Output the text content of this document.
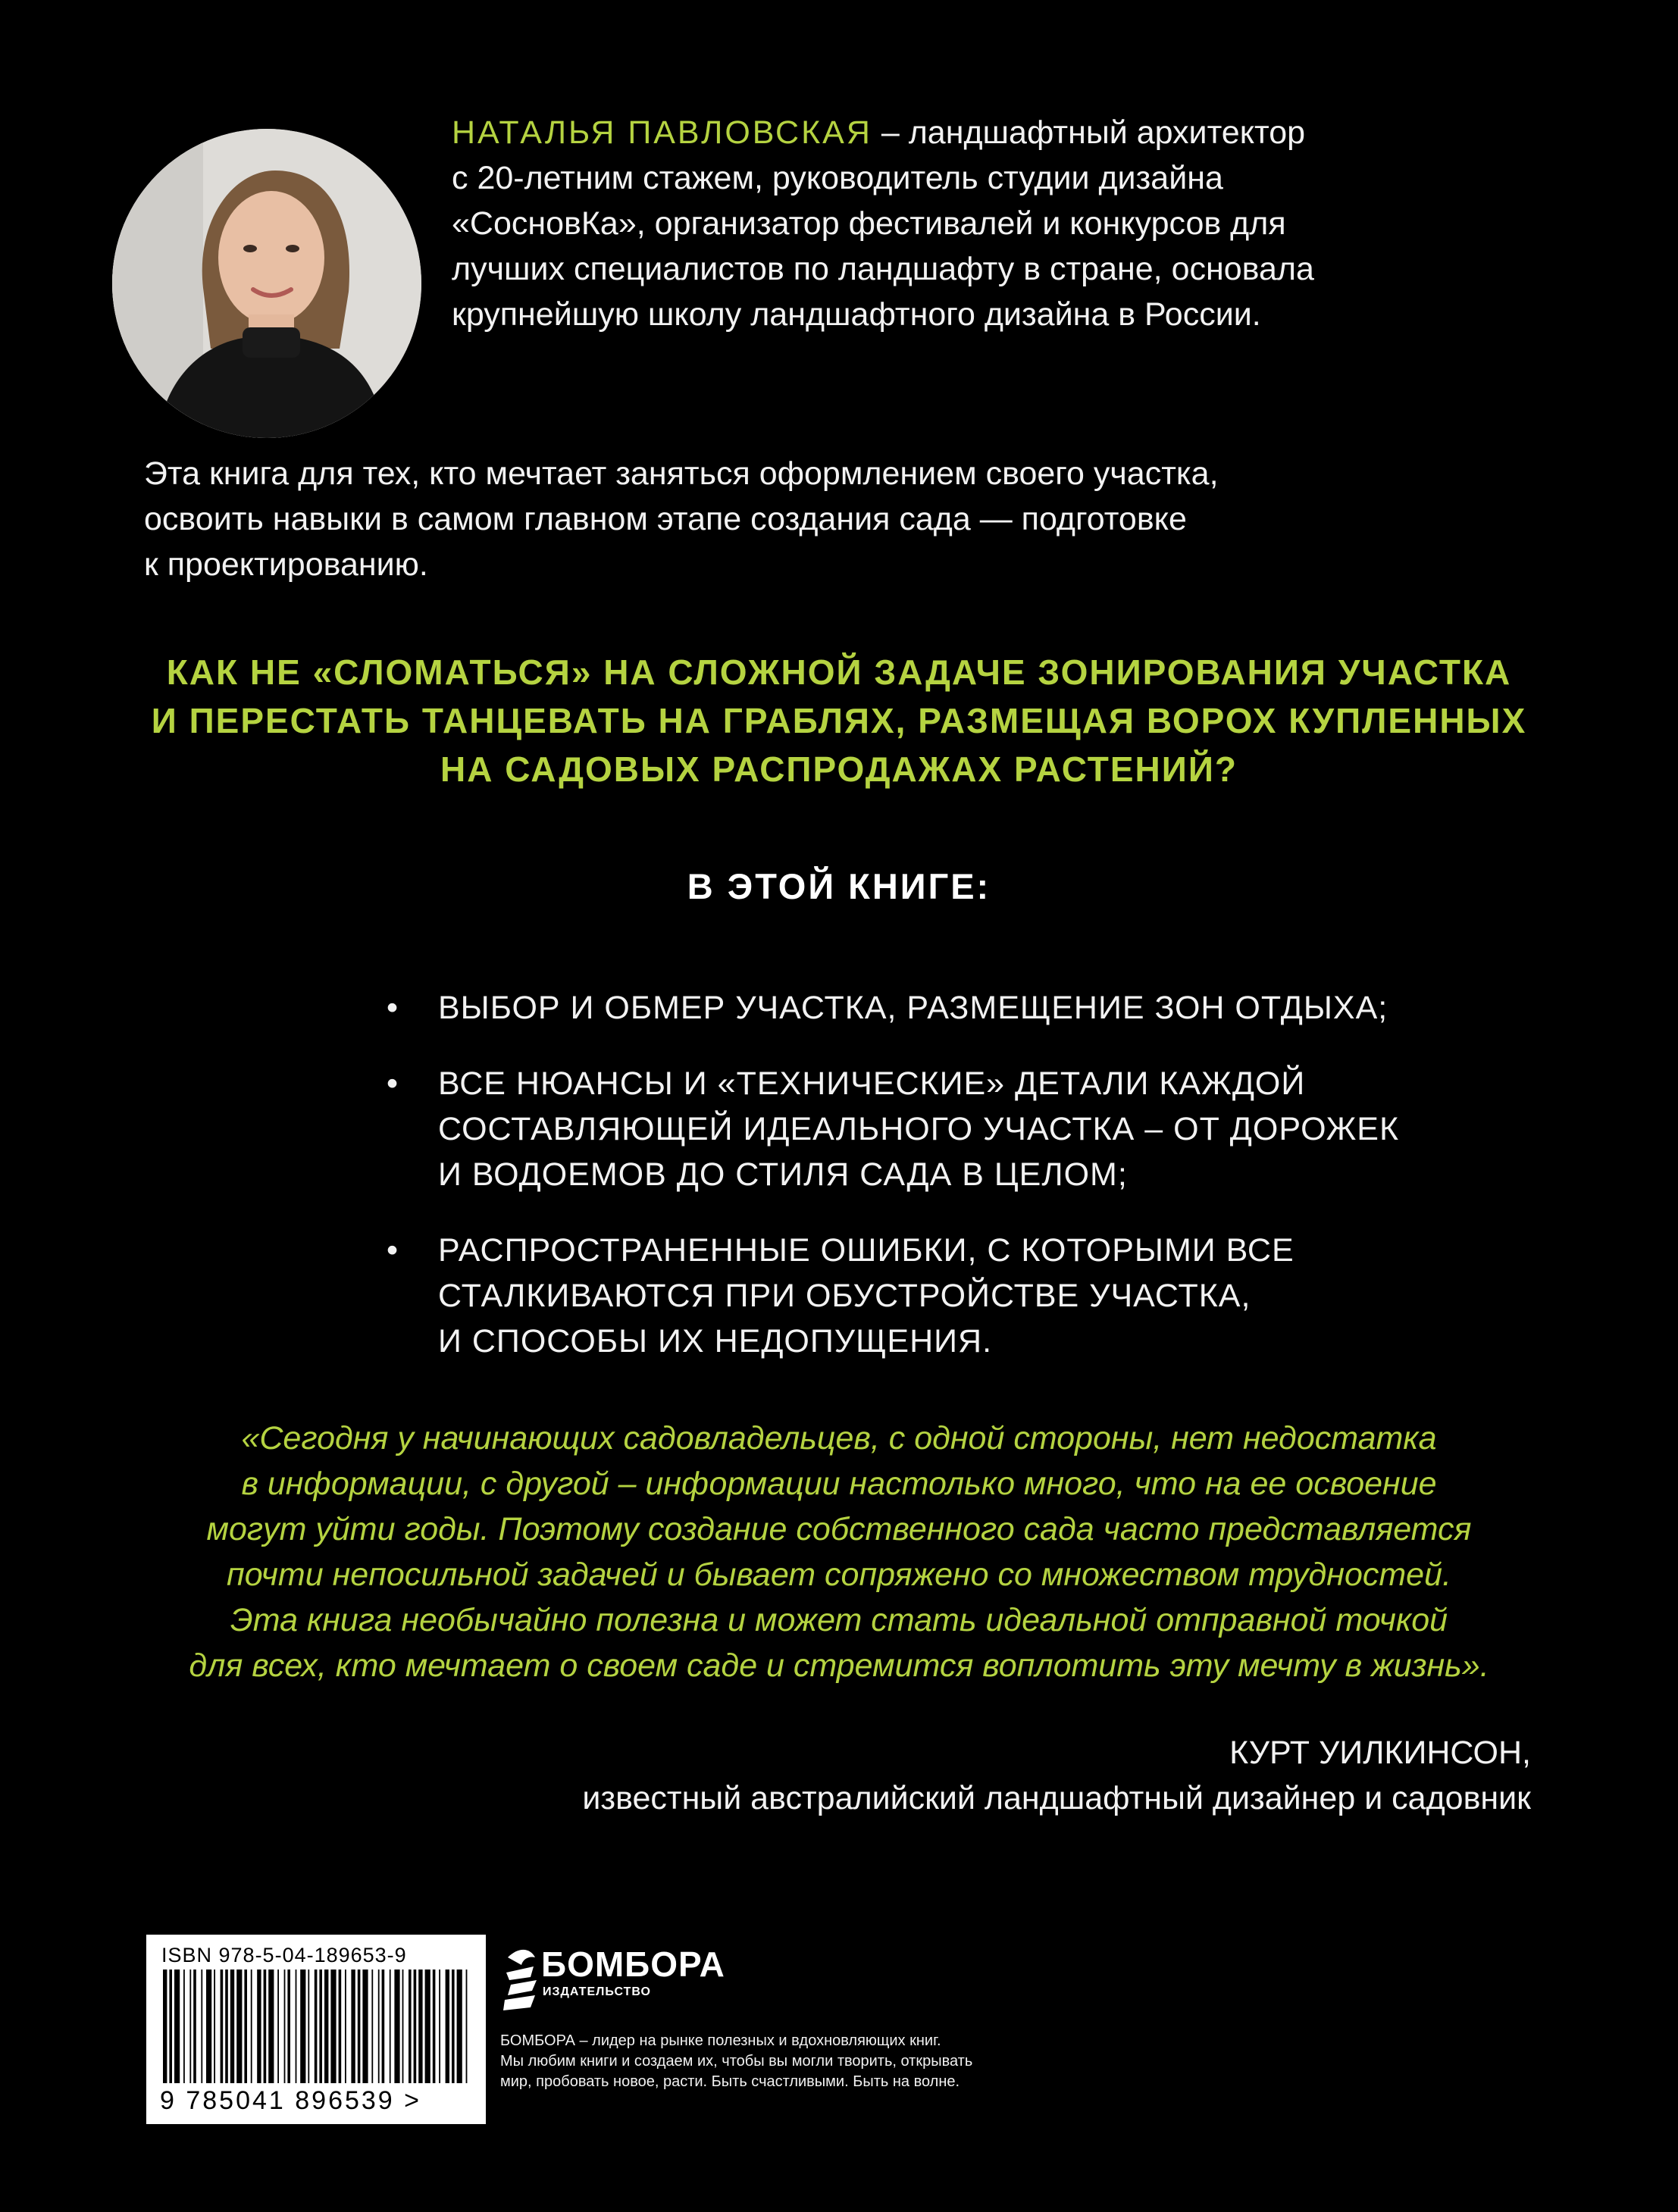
НАТАЛЬЯ ПАВЛОВСКАЯ – ландшафтный архитектор
с 20-летним стажем, руководитель студии дизайна
«СосновКа», организатор фестивалей и конкурсов для
лучших специалистов по ландшафту в стране, основала
крупнейшую школу ландшафтного дизайна в России.
Эта книга для тех, кто мечтает заняться оформлением своего участка,
освоить навыки в самом главном этапе создания сада — подготовке
к проектированию.
КАК НЕ «СЛОМАТЬСЯ» НА СЛОЖНОЙ ЗАДАЧЕ ЗОНИРОВАНИЯ УЧАСТКА
И ПЕРЕСТАТЬ ТАНЦЕВАТЬ НА ГРАБЛЯХ, РАЗМЕЩАЯ ВОРОХ КУПЛЕННЫХ
НА САДОВЫХ РАСПРОДАЖАХ РАСТЕНИЙ?
В ЭТОЙ КНИГЕ:
•	ВЫБОР И ОБМЕР УЧАСТКА, РАЗМЕЩЕНИЕ ЗОН ОТДЫХА;
•	ВСЕ НЮАНСЫ И «ТЕХНИЧЕСКИЕ» ДЕТАЛИ КАЖДОЙ
СОСТАВЛЯЮЩЕЙ ИДЕАЛЬНОГО УЧАСТКА – ОТ ДОРОЖЕК
И ВОДОЕМОВ ДО СТИЛЯ САДА В ЦЕЛОМ;
•	РАСПРОСТРАНЕННЫЕ ОШИБКИ, С КОТОРЫМИ ВСЕ
СТАЛКИВАЮТСЯ ПРИ ОБУСТРОЙСТВЕ УЧАСТКА,
И СПОСОБЫ ИХ НЕДОПУЩЕНИЯ.
«Сегодня у начинающих садовладельцев, с одной стороны, нет недостатка
в информации, с другой – информации настолько много, что на ее освоение
могут уйти годы. Поэтому создание собственного сада часто представляется
почти непосильной задачей и бывает сопряжено со множеством трудностей.
Эта книга необычайно полезна и может стать идеальной отправной точкой
для всех, кто мечтает о своем саде и стремится воплотить эту мечту в жизнь».
КУРТ УИЛКИНСОН,
известный австралийский ландшафтный дизайнер и садовник
ISBN 978-5-04-189653-9
9 785041 896539 >
БОМБОРА
ИЗДАТЕЛЬСТВО
БОМБОРА – лидер на рынке полезных и вдохновляющих книг.
Мы любим книги и создаем их, чтобы вы могли творить, открывать
мир, пробовать новое, расти. Быть счастливыми. Быть на волне.
